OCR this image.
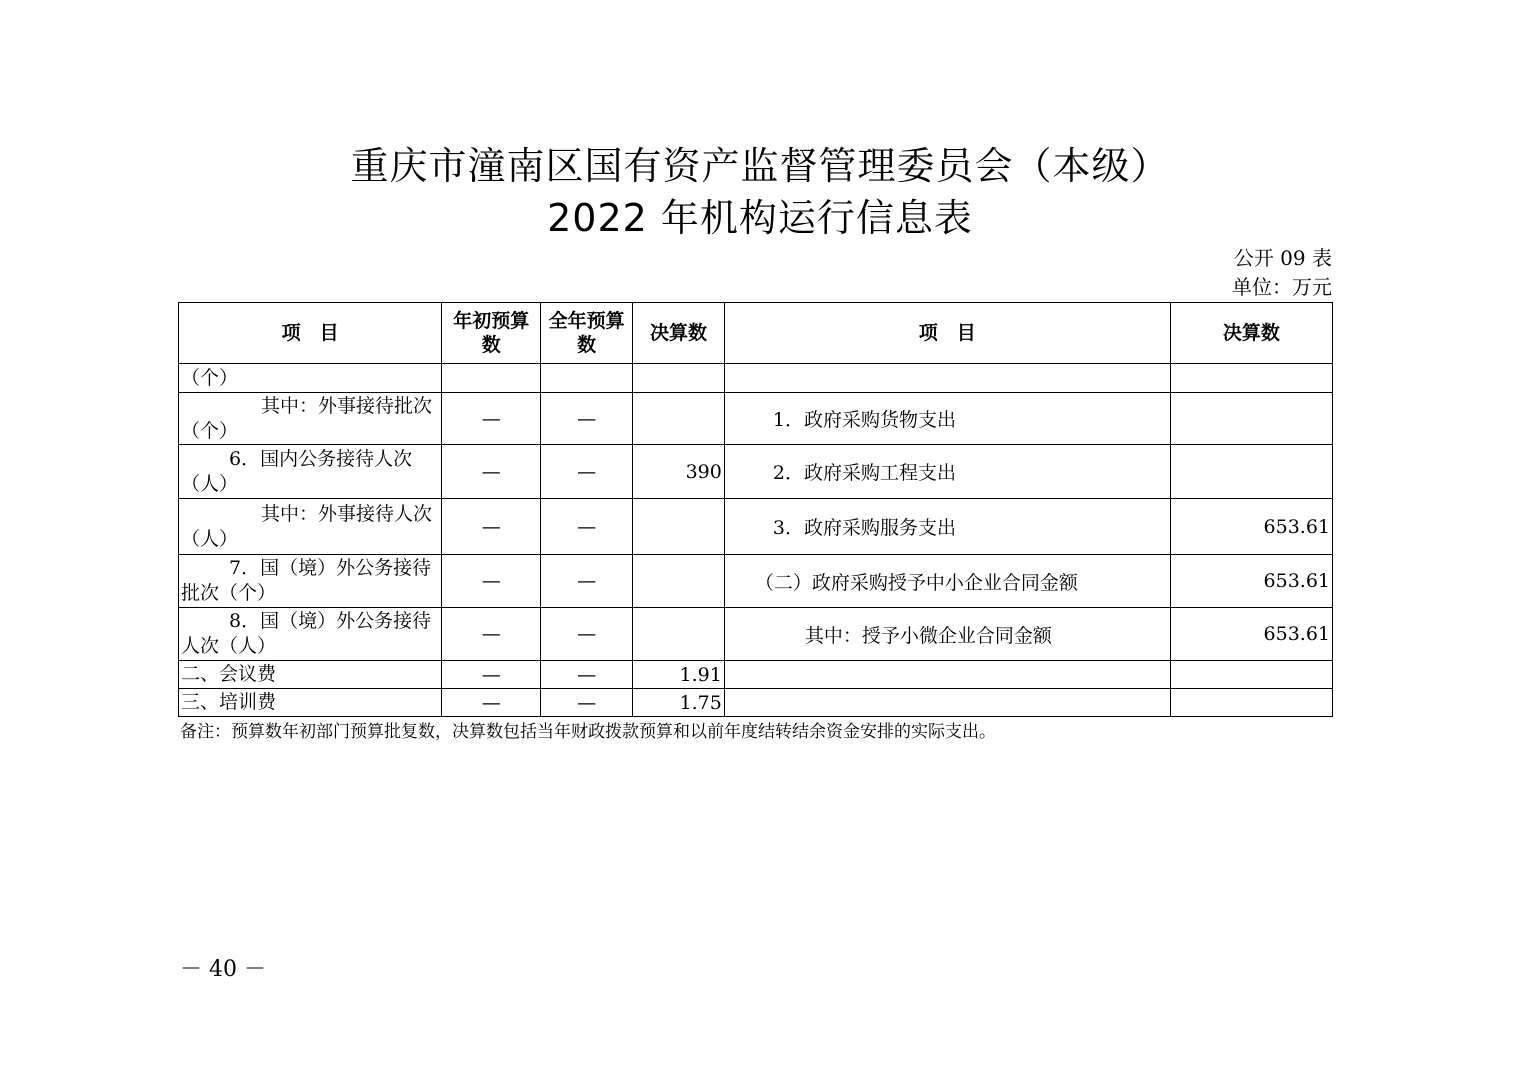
重庆市潼南区国有资产监督管理委员会（本级）
2022 年机构运行信息表
公开 09 表
单位：万元
项　目	年初预算数	全年预算数	决算数	项　目	决算数
（个）					

其中：外事接待批次
（个）	—	—		1．政府采购货物支出	

6．国内公务接待人次
（人）	—	—	390	2．政府采购工程支出	

其中：外事接待人次
（人）	—	—		3．政府采购服务支出	653.61

7．国（境）外公务接待
批次（个）	—	—		（二）政府采购授予中小企业合同金额	653.61

8．国（境）外公务接待
人次（人）	—	—		其中：授予小微企业合同金额	653.61
二、会议费	—	—	1.91		
三、培训费	—	—	1.75		
备注：预算数年初部门预算批复数，决算数包括当年财政拨款预算和以前年度结转结余资金安排的实际支出。
－ 40 －
